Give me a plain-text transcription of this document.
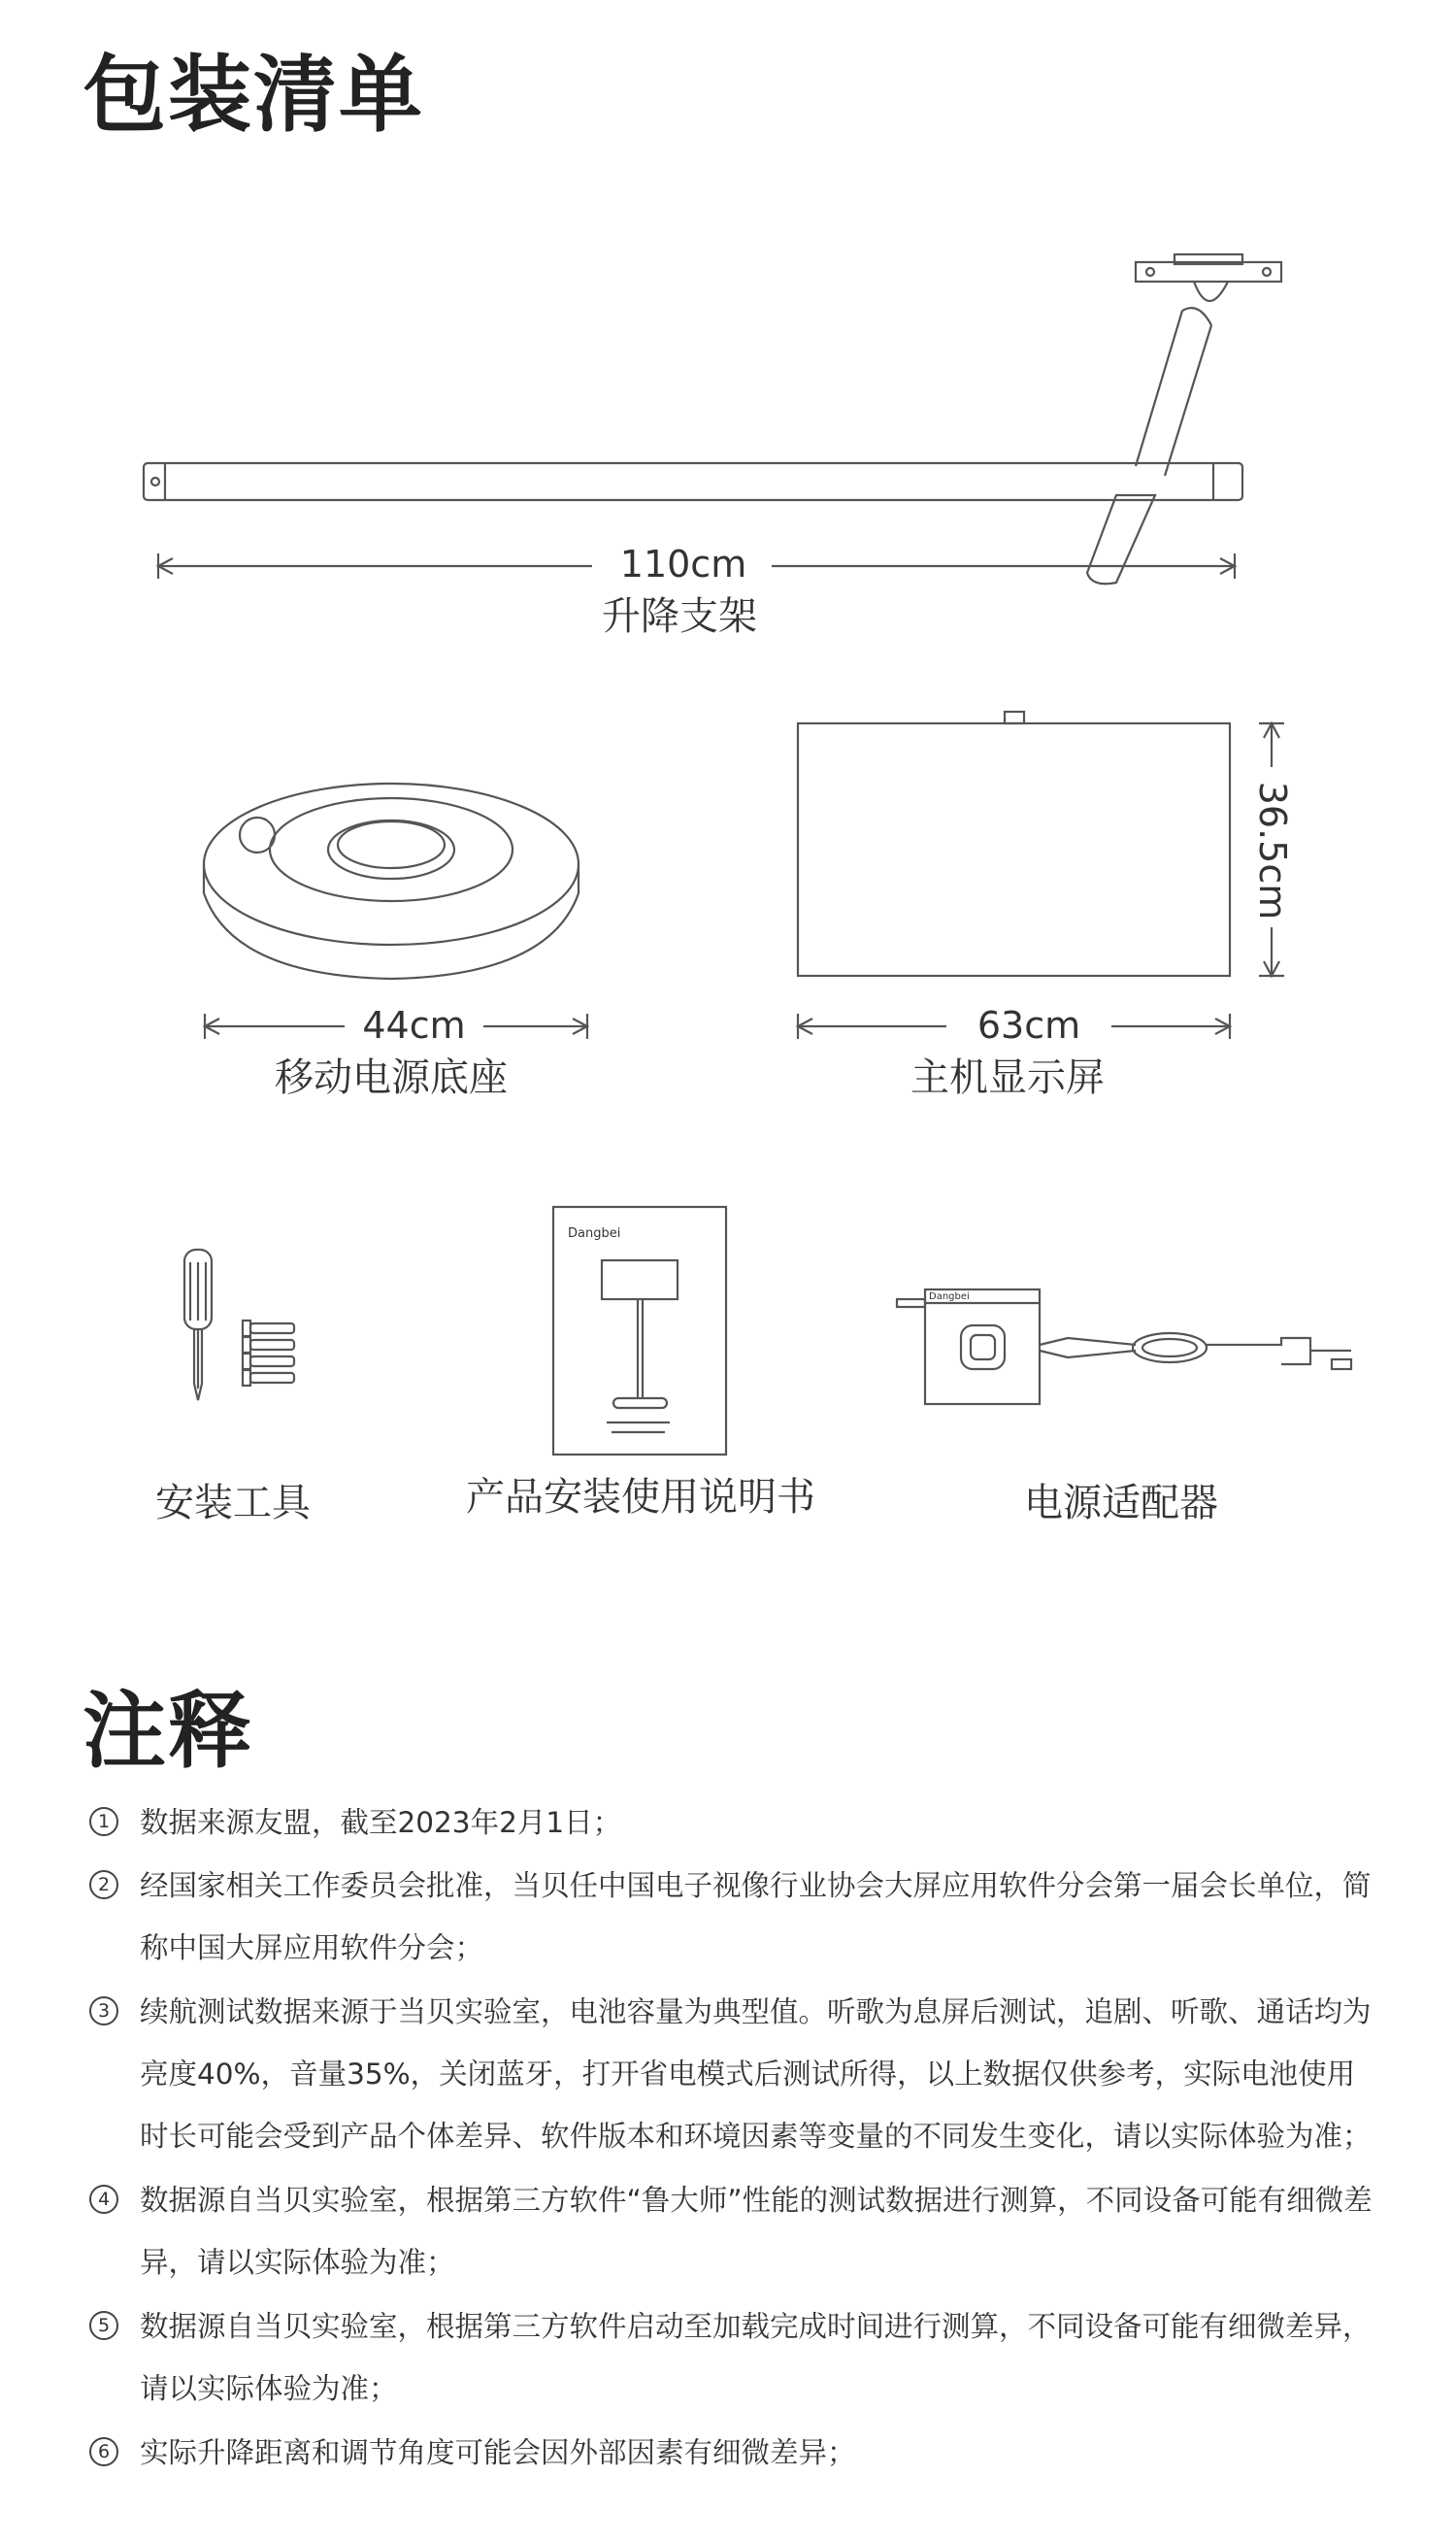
包装清单
110cm
升降支架
44cm
移动电源底座
63cm
36.5cm
主机显示屏
Dangbei
Dangbei
安装工具	产品安装使用说明书	电源适配器
注释
1	数据来源友盟，截至2023年2月1日；
2	经国家相关工作委员会批准，当贝任中国电子视像行业协会大屏应用软件分会第一届会长单位，简称中国大屏应用软件分会；
3	续航测试数据来源于当贝实验室，电池容量为典型值。听歌为息屏后测试，追剧、听歌、通话均为亮度40%，音量35%，关闭蓝牙，打开省电模式后测试所得，以上数据仅供参考，实际电池使用时长可能会受到产品个体差异、软件版本和环境因素等变量的不同发生变化，请以实际体验为准；
4	数据源自当贝实验室，根据第三方软件“鲁大师”性能的测试数据进行测算，不同设备可能有细微差异，请以实际体验为准；
5	数据源自当贝实验室，根据第三方软件启动至加载完成时间进行测算，不同设备可能有细微差异，请以实际体验为准；
6	实际升降距离和调节角度可能会因外部因素有细微差异；
